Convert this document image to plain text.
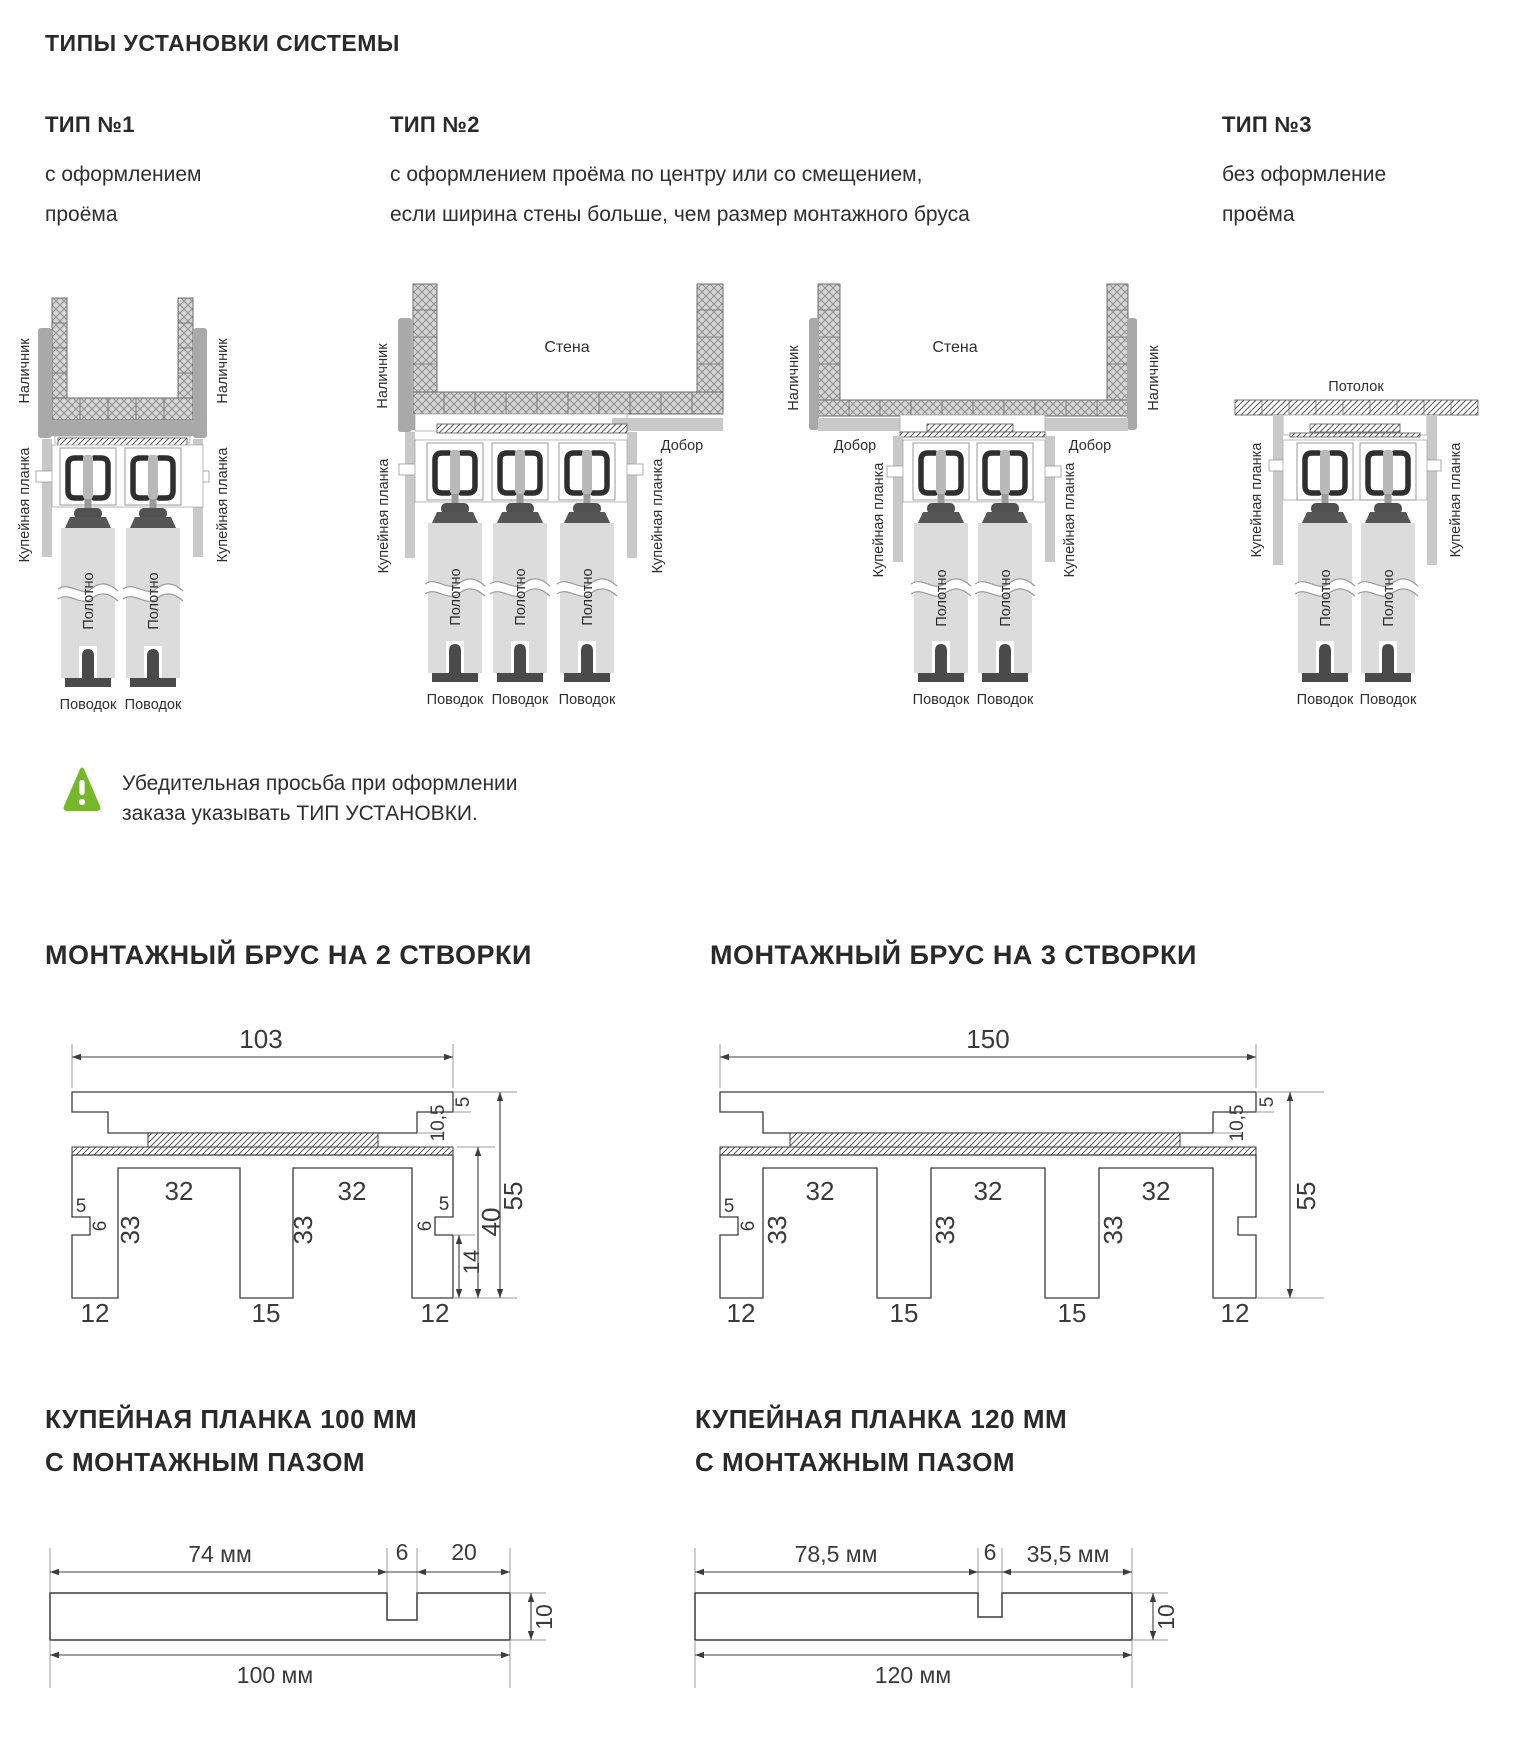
ТИПЫ УСТАНОВКИ СИСТЕМЫ
ТИП №1
с оформлением
проёма
ТИП №2
с оформлением проёма по центру или со смещением,
если ширина стены больше, чем размер монтажного бруса
ТИП №3
без оформление
проёма
Наличник	Наличник
Купейная планка	Купейная планка
Полотно	Полотно
Поводок Поводок
Стена
Добор
Наличник
Купейная планка	Купейная планка
Полотно	Полотно	Полотно
Поводок Поводок Поводок
Стена
Добор	Добор
Наличник	Наличник
Купейная планка	Купейная планка
Полотно	Полотно
Поводок Поводок
Потолок
Купейная планка	Купейная планка
Полотно	Полотно
Поводок Поводок
Убедительная просьба при оформлении
заказа указывать ТИП УСТАНОВКИ.
МОНТАЖНЫЙ БРУС НА 2 СТВОРКИ	МОНТАЖНЫЙ БРУС НА 3 СТВОРКИ
103
32	32
33	33
5
6
5
6
12	15	12
5
10,5
14
40
55
150
32	32	32
33	33	33
5
6
12	15	15	12
5
10,5
55
КУПЕЙНАЯ ПЛАНКА 100 ММ
С МОНТАЖНЫМ ПАЗОМ
КУПЕЙНАЯ ПЛАНКА 120 ММ
С МОНТАЖНЫМ ПАЗОМ
74 мм	6 20
10
100 мм
78,5 мм	6 35,5 мм
10
120 мм
